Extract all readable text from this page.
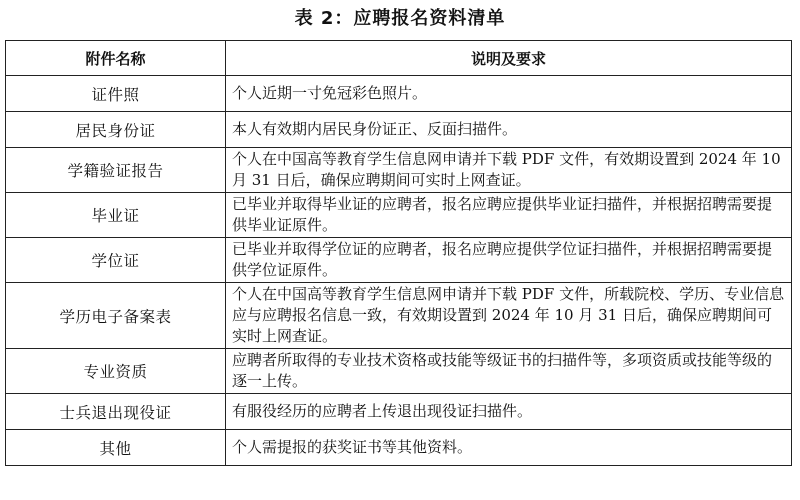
表 2：应聘报名资料清单
附件名称	说明及要求
证件照	个人近期一寸免冠彩色照片。
居民身份证	本人有效期内居民身份证正、反面扫描件。
学籍验证报告	个人在中国高等教育学生信息网申请并下载 PDF 文件，有效期设置到 2024 年 10 月 31 日后，确保应聘期间可实时上网查证。
毕业证	已毕业并取得毕业证的应聘者，报名应聘应提供毕业证扫描件，并根据招聘需要提供毕业证原件。
学位证	已毕业并取得学位证的应聘者，报名应聘应提供学位证扫描件，并根据招聘需要提供学位证原件。
学历电子备案表	个人在中国高等教育学生信息网申请并下载 PDF 文件，所载院校、学历、专业信息应与应聘报名信息一致，有效期设置到 2024 年 10 月 31 日后，确保应聘期间可实时上网查证。
专业资质	应聘者所取得的专业技术资格或技能等级证书的扫描件等，多项资质或技能等级的逐一上传。
士兵退出现役证	有服役经历的应聘者上传退出现役证扫描件。
其他	个人需提报的获奖证书等其他资料。
